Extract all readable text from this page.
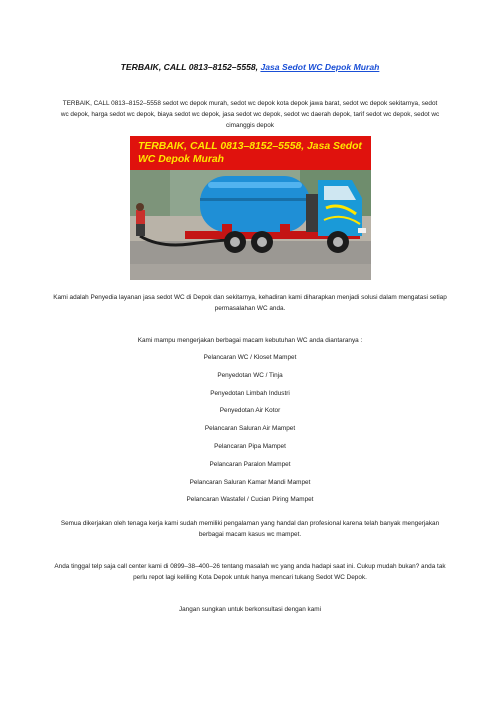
TERBAIK, CALL 0813–8152–5558, Jasa Sedot WC Depok Murah
TERBAIK, CALL 0813–8152–5558 sedot wc depok murah, sedot wc depok kota depok jawa barat, sedot wc depok sekitarnya, sedot wc depok, harga sedot wc depok, biaya sedot wc depok, jasa sedot wc depok, sedot wc daerah depok, tarif sedot wc depok, sedot wc cimanggis depok
TERBAIK, CALL 0813–8152–5558, Jasa Sedot WC Depok Murah
Kami adalah Penyedia layanan jasa sedot WC di Depok dan sekitarnya, kehadiran kami diharapkan menjadi solusi dalam mengatasi setiap permasalahan WC anda.
Kami mampu mengerjakan berbagai macam kebutuhan WC anda diantaranya :
Pelancaran WC / Kloset Mampet
Penyedotan WC / Tinja
Penyedotan Limbah Industri
Penyedotan Air Kotor
Pelancaran Saluran Air Mampet
Pelancaran Pipa Mampet
Pelancaran Paralon Mampet
Pelancaran Saluran Kamar Mandi Mampet
Pelancaran Wastafel / Cucian Piring Mampet
Semua dikerjakan oleh tenaga kerja kami sudah memiliki pengalaman yang handal dan profesional karena telah banyak mengerjakan berbagai macam kasus wc mampet.
Anda tinggal telp saja call center kami di 0899–38–400–26 tentang masalah wc yang anda hadapi saat ini. Cukup mudah bukan? anda tak perlu repot lagi keliling Kota Depok untuk hanya mencari tukang Sedot WC Depok.
Jangan sungkan untuk berkonsultasi dengan kami
